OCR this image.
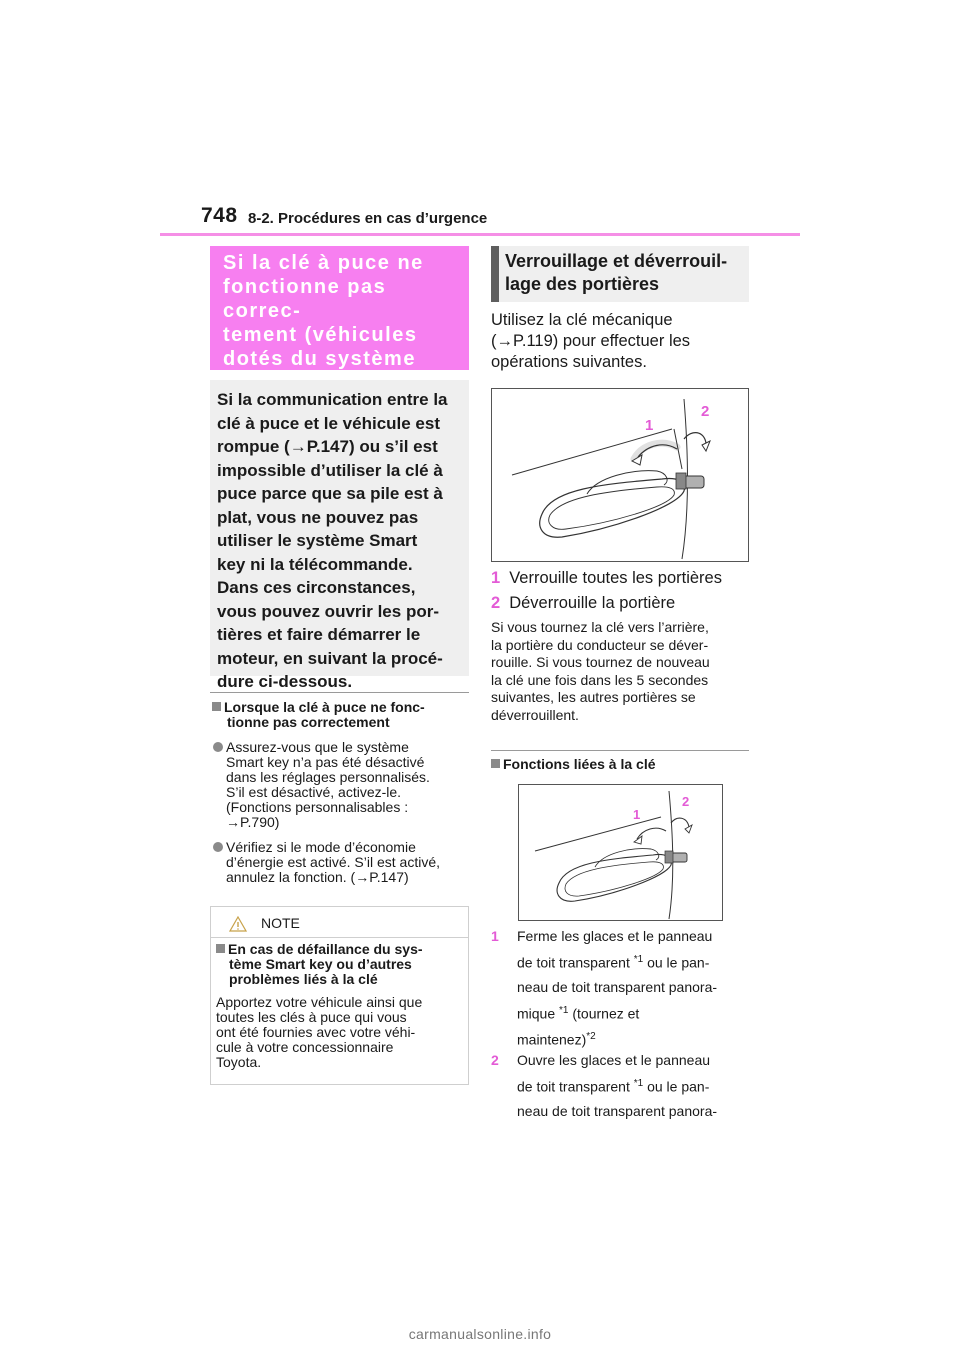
748 8-2. Procédures en cas d’urgence
Si la clé à puce ne
fonctionne pas correc-
tement (véhicules
dotés du système

Si la communication entre la

clé à puce et le véhicule est

rompue (→P.147) ou s’il est

impossible d’utiliser la clé à

puce parce que sa pile est à

plat, vous ne pouvez pas

utiliser le système Smart

key ni la télécommande.

Dans ces circonstances,

vous pouvez ouvrir les por-

tières et faire démarrer le

moteur, en suivant la procé-

dure ci-dessous.

Lorsque la clé à puce ne fonc-
tionne pas correctement
Assurez-vous que le système
Smart key n’a pas été désactivé
dans les réglages personnalisés.
S’il est désactivé, activez-le.
(Fonctions personnalisables :
→P.790)
Vérifiez si le mode d’économie
d’énergie est activé. S’il est activé,
annulez la fonction. (→P.147)
NOTE
En cas de défaillance du sys-
tème Smart key ou d’autres
problèmes liés à la clé
Apportez votre véhicule ainsi que
toutes les clés à puce qui vous
ont été fournies avec votre véhi-
cule à votre concessionnaire
Toyota.
Verrouillage et déverrouil-
lage des portières
Utilisez la clé mécanique
(→P.119) pour effectuer les
opérations suivantes.
1
2
1 Verrouille toutes les portières
2 Déverrouille la portière
Si vous tournez la clé vers l’arrière,
la portière du conducteur se déver-
rouille. Si vous tournez de nouveau
la clé une fois dans les 5 secondes
suivantes, les autres portières se
déverrouillent.
Fonctions liées à la clé
1
2
1 Ferme les glaces et le panneau
de toit transparent $^{*1}$ ou le pan-
neau de toit transparent panora-
mique $^{*1}$ (tournez et
maintenez)$^{*2}$
2 Ouvre les glaces et le panneau
de toit transparent $^{*1}$ ou le pan-
neau de toit transparent panora-
carmanualsonline.info
